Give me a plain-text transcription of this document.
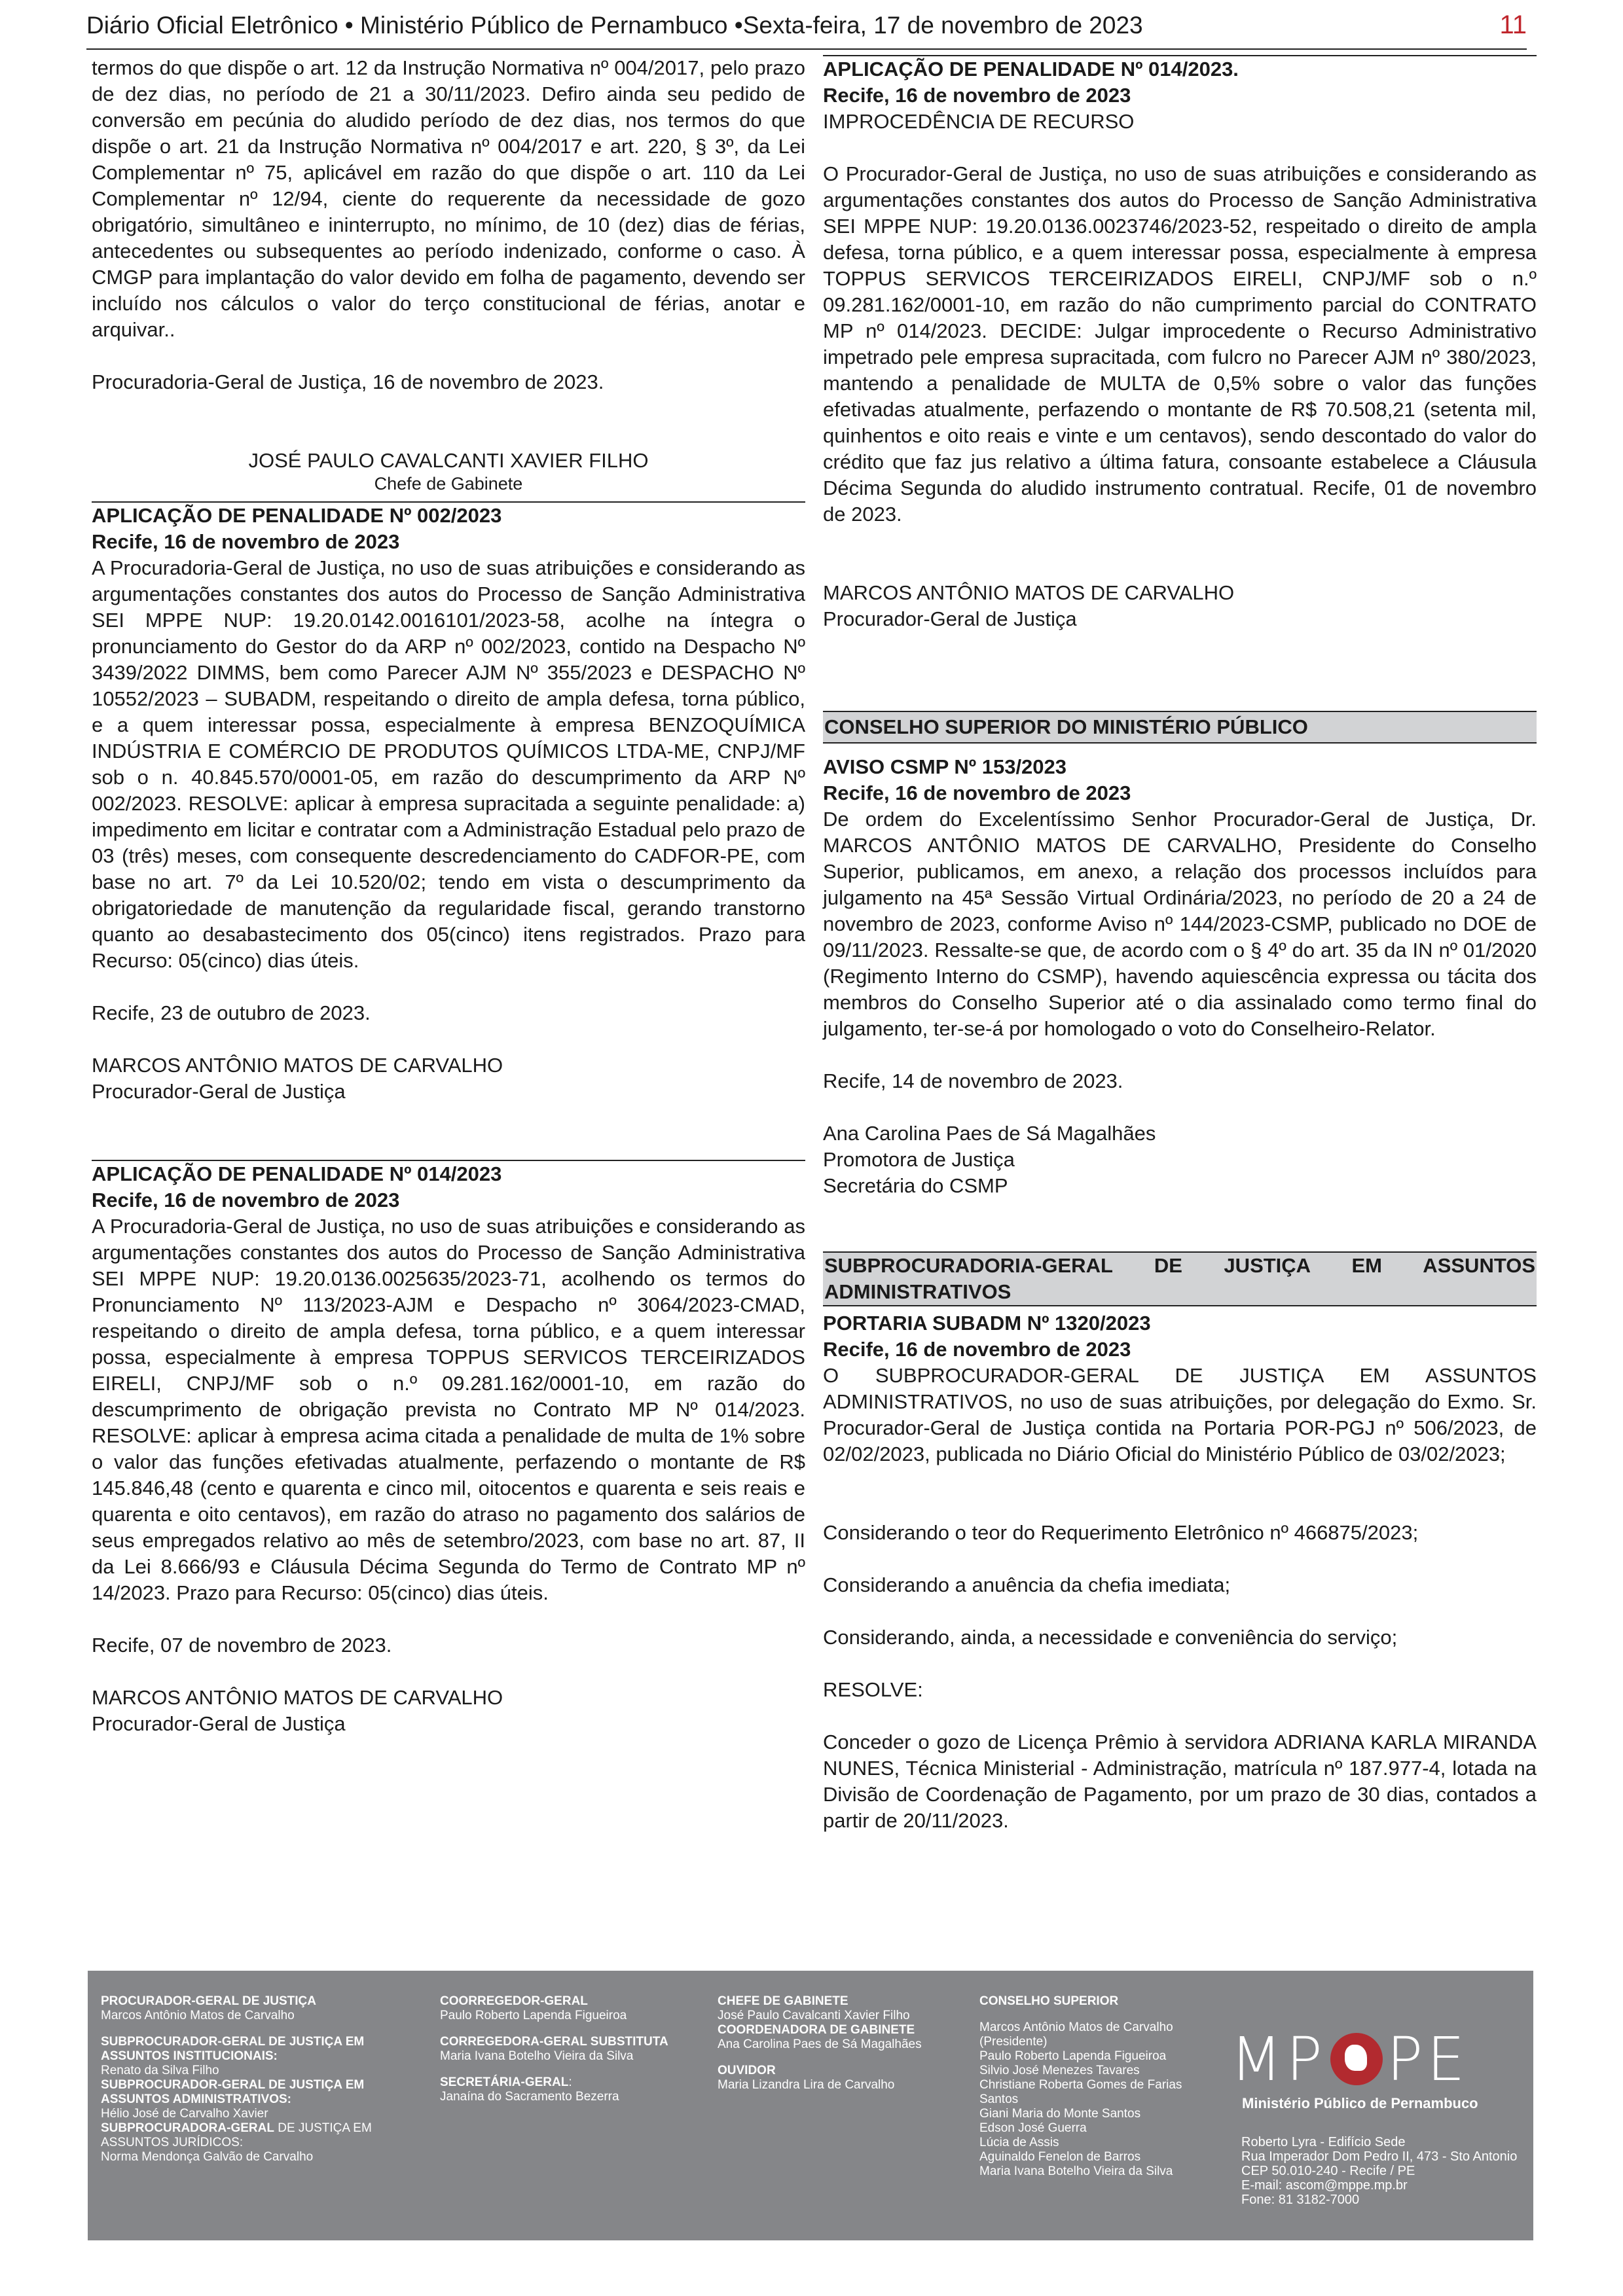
Diário Oficial Eletrônico • Ministério Público de Pernambuco •Sexta-feira, 17 de novembro de 2023	11

termos do que dispõe o art. 12 da Instrução Normativa nº 004/2017, pelo prazo de dez dias, no período de 21 a 30/11/2023. Defiro ainda seu pedido de conversão em pecúnia do aludido período de dez dias, nos termos do que dispõe o art. 21 da Instrução Normativa nº 004/2017 e art. 220, § 3º, da Lei Complementar nº 75, aplicável em razão do que dispõe o art. 110 da Lei Complementar nº 12/94, ciente do requerente da necessidade de gozo obrigatório, simultâneo e ininterrupto, no mínimo, de 10 (dez) dias de férias, antecedentes ou subsequentes ao período indenizado, conforme o caso. À CMGP para implantação do valor devido em folha de pagamento, devendo ser incluído nos cálculos o valor do terço constitucional de férias, anotar e arquivar..

Procuradoria-Geral de Justiça, 16 de novembro de 2023.

JOSÉ PAULO CAVALCANTI XAVIER FILHO

Chefe de Gabinete

APLICAÇÃO DE PENALIDADE Nº 002/2023

Recife, 16 de novembro de 2023

A Procuradoria-Geral de Justiça, no uso de suas atribuições e considerando as argumentações constantes dos autos do Processo de Sanção Administrativa SEI MPPE NUP: 19.20.0142.0016101/2023-58, acolhe na íntegra o pronunciamento do Gestor do da ARP nº 002/2023, contido na Despacho Nº 3439/2022 DIMMS, bem como Parecer AJM Nº 355/2023 e DESPACHO Nº 10552/2023 – SUBADM, respeitando o direito de ampla defesa, torna público, e a quem interessar possa, especialmente à empresa BENZOQUÍMICA INDÚSTRIA E COMÉRCIO DE PRODUTOS QUÍMICOS LTDA-ME, CNPJ/MF sob o n. 40.845.570/0001-05, em razão do descumprimento da ARP Nº 002/2023. RESOLVE: aplicar à empresa supracitada a seguinte penalidade: a) impedimento em licitar e contratar com a Administração Estadual pelo prazo de 03 (três) meses, com consequente descredenciamento do CADFOR-PE, com base no art. 7º da Lei 10.520/02; tendo em vista o descumprimento da obrigatoriedade de manutenção da regularidade fiscal, gerando transtorno quanto ao desabastecimento dos 05(cinco) itens registrados. Prazo para Recurso: 05(cinco) dias úteis.

Recife, 23 de outubro de 2023.

MARCOS ANTÔNIO MATOS DE CARVALHO

Procurador-Geral de Justiça

APLICAÇÃO DE PENALIDADE Nº 014/2023

Recife, 16 de novembro de 2023

A Procuradoria-Geral de Justiça, no uso de suas atribuições e considerando as argumentações constantes dos autos do Processo de Sanção Administrativa SEI MPPE NUP: 19.20.0136.0025635/2023-71, acolhendo os termos do Pronunciamento Nº 113/2023-AJM e Despacho nº 3064/2023-CMAD, respeitando o direito de ampla defesa, torna público, e a quem interessar possa, especialmente à empresa TOPPUS SERVICOS TERCEIRIZADOS EIRELI, CNPJ/MF sob o n.º 09.281.162/0001-10, em razão do descumprimento de obrigação prevista no Contrato MP Nº 014/2023. RESOLVE: aplicar à empresa acima citada a penalidade de multa de 1% sobre o valor das funções efetivadas atualmente, perfazendo o montante de R$ 145.846,48 (cento e quarenta e cinco mil, oitocentos e quarenta e seis reais e quarenta e oito centavos), em razão do atraso no pagamento dos salários de seus empregados relativo ao mês de setembro/2023, com base no art. 87, II da Lei 8.666/93 e Cláusula Décima Segunda do Termo de Contrato MP nº 14/2023. Prazo para Recurso: 05(cinco) dias úteis.

Recife, 07 de novembro de 2023.

MARCOS ANTÔNIO MATOS DE CARVALHO

Procurador-Geral de Justiça

APLICAÇÃO DE PENALIDADE Nº 014/2023.

Recife, 16 de novembro de 2023

IMPROCEDÊNCIA DE RECURSO

O Procurador-Geral de Justiça, no uso de suas atribuições e considerando as argumentações constantes dos autos do Processo de Sanção Administrativa SEI MPPE NUP: 19.20.0136.0023746/2023-52, respeitado o direito de ampla defesa, torna público, e a quem interessar possa, especialmente à empresa TOPPUS SERVICOS TERCEIRIZADOS EIRELI, CNPJ/MF sob o n.º 09.281.162/0001-10, em razão do não cumprimento parcial do CONTRATO MP nº 014/2023. DECIDE: Julgar improcedente o Recurso Administrativo impetrado pele empresa supracitada, com fulcro no Parecer AJM nº 380/2023, mantendo a penalidade de MULTA de 0,5% sobre o valor das funções efetivadas atualmente, perfazendo o montante de R$ 70.508,21 (setenta mil, quinhentos e oito reais e vinte e um centavos), sendo descontado do valor do crédito que faz jus relativo a última fatura, consoante estabelece a Cláusula Décima Segunda do aludido instrumento contratual. Recife, 01 de novembro de 2023.

MARCOS ANTÔNIO MATOS DE CARVALHO

Procurador-Geral de Justiça

CONSELHO SUPERIOR DO MINISTÉRIO PÚBLICO

AVISO CSMP Nº 153/2023

Recife, 16 de novembro de 2023

De ordem do Excelentíssimo Senhor Procurador-Geral de Justiça, Dr. MARCOS ANTÔNIO MATOS DE CARVALHO, Presidente do Conselho Superior, publicamos, em anexo, a relação dos processos incluídos para julgamento na 45ª Sessão Virtual Ordinária/2023, no período de 20 a 24 de novembro de 2023, conforme Aviso nº 144/2023-CSMP, publicado no DOE de 09/11/2023. Ressalte-se que, de acordo com o § 4º do art. 35 da IN nº 01/2020 (Regimento Interno do CSMP), havendo aquiescência expressa ou tácita dos membros do Conselho Superior até o dia assinalado como termo final do julgamento, ter-se-á por homologado o voto do Conselheiro-Relator.

Recife, 14 de novembro de 2023.

Ana Carolina Paes de Sá Magalhães

Promotora de Justiça

Secretária do CSMP

SUBPROCURADORIA-GERAL DE JUSTIÇA EM ASSUNTOS ADMINISTRATIVOS

PORTARIA SUBADM Nº 1320/2023

Recife, 16 de novembro de 2023

O SUBPROCURADOR-GERAL DE JUSTIÇA EM ASSUNTOS ADMINISTRATIVOS, no uso de suas atribuições, por delegação do Exmo. Sr. Procurador-Geral de Justiça contida na Portaria POR-PGJ nº 506/2023, de 02/02/2023, publicada no Diário Oficial do Ministério Público de 03/02/2023;

Considerando o teor do Requerimento Eletrônico nº 466875/2023;

Considerando a anuência da chefia imediata;

Considerando, ainda, a necessidade e conveniência do serviço;

RESOLVE:

Conceder o gozo de Licença Prêmio à servidora ADRIANA KARLA MIRANDA NUNES, Técnica Ministerial - Administração, matrícula nº 187.977-4, lotada na Divisão de Coordenação de Pagamento, por um prazo de 30 dias, contados a partir de 20/11/2023.

PROCURADOR-GERAL DE JUSTIÇA
Marcos Antônio Matos de Carvalho
SUBPROCURADOR-GERAL DE JUSTIÇA EM
ASSUNTOS INSTITUCIONAIS:
Renato da Silva Filho
SUBPROCURADOR-GERAL DE JUSTIÇA EM
ASSUNTOS ADMINISTRATIVOS:
Hélio José de Carvalho Xavier
SUBPROCURADORA-GERAL DE JUSTIÇA EM
ASSUNTOS JURÍDICOS:
Norma Mendonça Galvão de Carvalho
COORREGEDOR-GERAL
Paulo Roberto Lapenda Figueiroa
CORREGEDORA-GERAL SUBSTITUTA
Maria Ivana Botelho Vieira da Silva
SECRETÁRIA-GERAL:
Janaína do Sacramento Bezerra
CHEFE DE GABINETE
José Paulo Cavalcanti Xavier Filho
COORDENADORA DE GABINETE
Ana Carolina Paes de Sá Magalhães
OUVIDOR
Maria Lizandra Lira de Carvalho
CONSELHO SUPERIOR
Marcos Antônio Matos de Carvalho
(Presidente)
Paulo Roberto Lapenda Figueiroa
Silvio José Menezes Tavares
Christiane Roberta Gomes de Farias
Santos
Giani Maria do Monte Santos
Edson José Guerra
Lúcia de Assis
Aguinaldo Fenelon de Barros
Maria Ivana Botelho Vieira da Silva
MP PE
Ministério Público de Pernambuco
Roberto Lyra - Edifício Sede
Rua Imperador Dom Pedro II, 473 - Sto Antonio
CEP 50.010-240 - Recife / PE
E-mail: ascom@mppe.mp.br
Fone: 81 3182-7000
